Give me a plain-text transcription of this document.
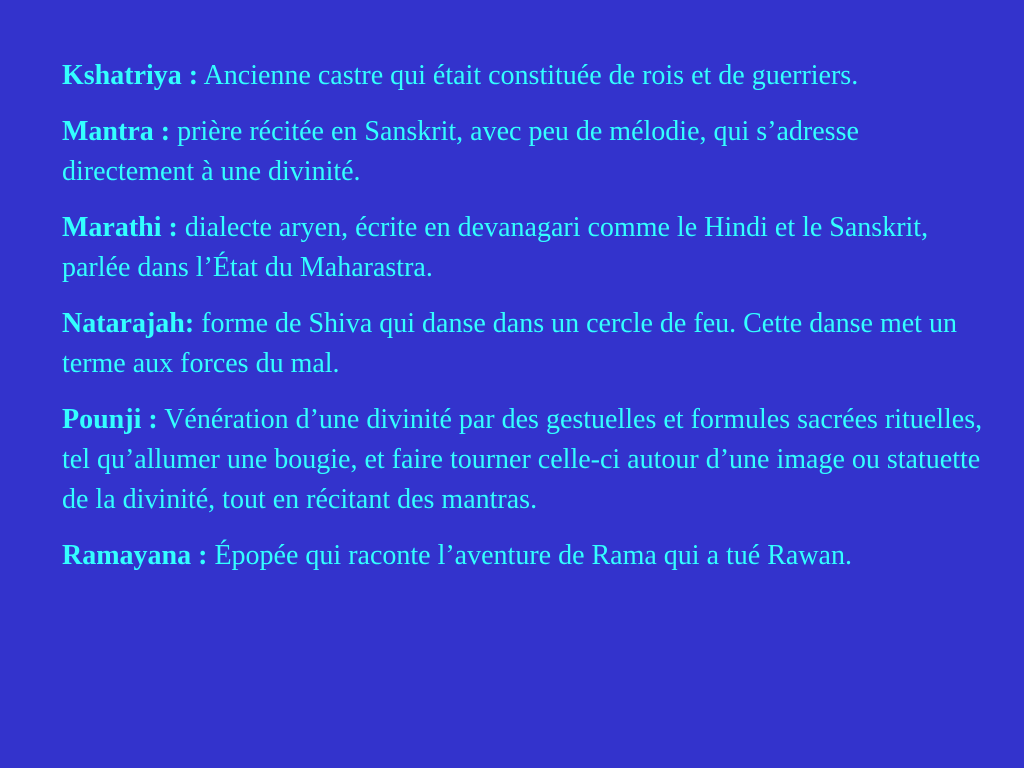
Kshatriya : Ancienne castre qui était constituée de rois et de guerriers.
Mantra : prière récitée en Sanskrit, avec peu de mélodie, qui s’adresse directement à une divinité.
Marathi : dialecte aryen, écrite en devanagari comme le Hindi et le Sanskrit, parlée dans l’État du Maharastra.
Natarajah: forme de Shiva qui danse dans un cercle de feu. Cette danse met un terme aux forces du mal.
Pounji : Vénération d’une divinité par des gestuelles et formules sacrées rituelles, tel qu’allumer une bougie, et faire tourner celle-ci autour d’une image ou statuette de la divinité, tout en récitant des mantras.
Ramayana : Épopée qui raconte l’aventure de Rama qui a tué Rawan.
